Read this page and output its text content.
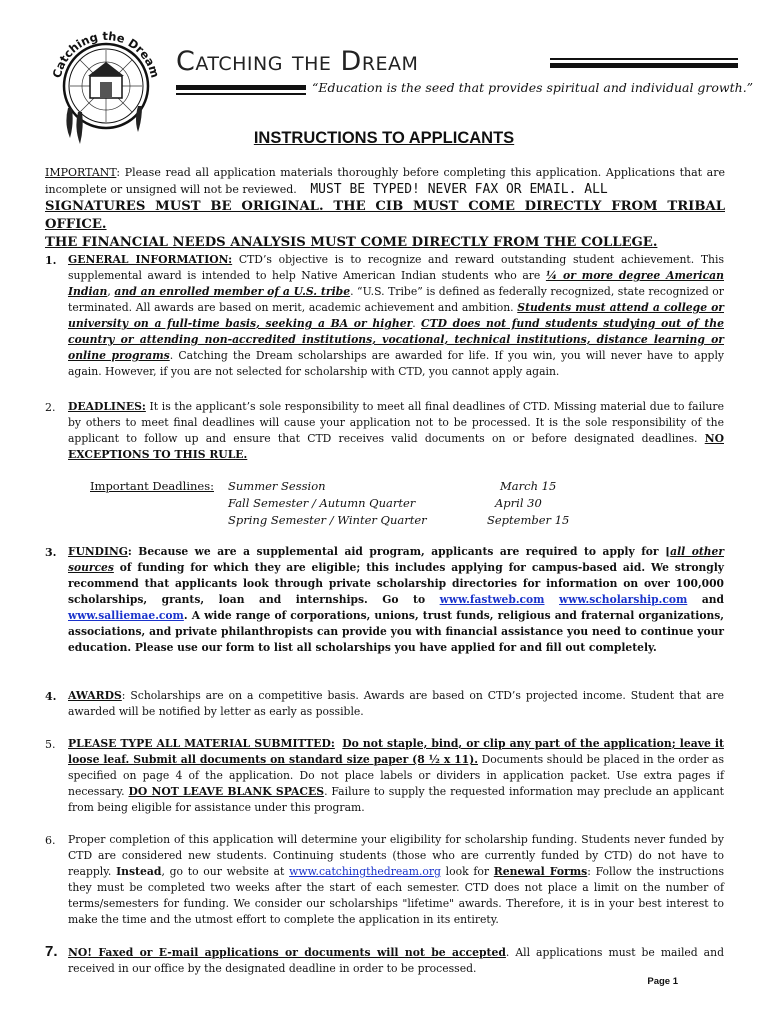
Catching the Dream Catching the Dream
“Education is the seed that provides spiritual and individual growth.”
INSTRUCTIONS TO APPLICANTS
IMPORTANT: Please read all application materials thoroughly before completing this application. Applications that are incomplete or unsigned will not be reviewed. MUST BE TYPED! NEVER FAX OR EMAIL. ALL
SIGNATURES MUST BE ORIGINAL. THE CIB MUST COME DIRECTLY FROM TRIBAL OFFICE.
THE FINANCIAL NEEDS ANALYSIS MUST COME DIRECTLY FROM THE COLLEGE.
1. GENERAL INFORMATION: CTD’s objective is to recognize and reward outstanding student achievement. This supplemental award is intended to help Native American Indian students who are ¼ or more degree American Indian, and an enrolled member of a U.S. tribe. “U.S. Tribe” is defined as federally recognized, state recognized or terminated. All awards are based on merit, academic achievement and ambition. Students must attend a college or university on a full-time basis, seeking a BA or higher. CTD does not fund students studying out of the country or attending non-accredited institutions, vocational, technical institutions, distance learning or online programs. Catching the Dream scholarships are awarded for life. If you win, you will never have to apply again. However, if you are not selected for scholarship with CTD, you cannot apply again.
2. DEADLINES: It is the applicant’s sole responsibility to meet all final deadlines of CTD. Missing material due to failure by others to meet final deadlines will cause your application not to be processed. It is the sole responsibility of the applicant to follow up and ensure that CTD receives valid documents on or before designated deadlines. NO EXCEPTIONS TO THIS RULE.
Important Deadlines: Summer Session	March 15
Fall Semester / Autumn Quarter	April 30
Spring Semester / Winter Quarter	September 15
3. FUNDING: Because we are a supplemental aid program, applicants are required to apply for ⌊all other sources of funding for which they are eligible; this includes applying for campus-based aid. We strongly recommend that applicants look through private scholarship directories for information on over 100,000 scholarships, grants, loan and internships. Go to www.fastweb.com www.scholarship.com and www.salliemae.com. A wide range of corporations, unions, trust funds, religious and fraternal organizations, associations, and private philanthropists can provide you with financial assistance you need to continue your education. Please use our form to list all scholarships you have applied for and fill out completely.
4. AWARDS: Scholarships are on a competitive basis. Awards are based on CTD’s projected income. Student that are awarded will be notified by letter as early as possible.
5. PLEASE TYPE ALL MATERIAL SUBMITTED: Do not staple, bind, or clip any part of the application; leave it loose leaf. Submit all documents on standard size paper (8 ½ x 11). Documents should be placed in the order as specified on page 4 of the application. Do not place labels or dividers in application packet. Use extra pages if necessary. DO NOT LEAVE BLANK SPACES. Failure to supply the requested information may preclude an applicant from being eligible for assistance under this program.
6. Proper completion of this application will determine your eligibility for scholarship funding. Students never funded by CTD are considered new students. Continuing students (those who are currently funded by CTD) do not have to reapply. Instead, go to our website at www.catchingthedream.org look for Renewal Forms: Follow the instructions they must be completed two weeks after the start of each semester. CTD does not place a limit on the number of terms/semesters for funding. We consider our scholarships "lifetime" awards. Therefore, it is in your best interest to make the time and the utmost effort to complete the application in its entirety.
7. NO! Faxed or E-mail applications or documents will not be accepted. All applications must be mailed and received in our office by the designated deadline in order to be processed.
Page 1
